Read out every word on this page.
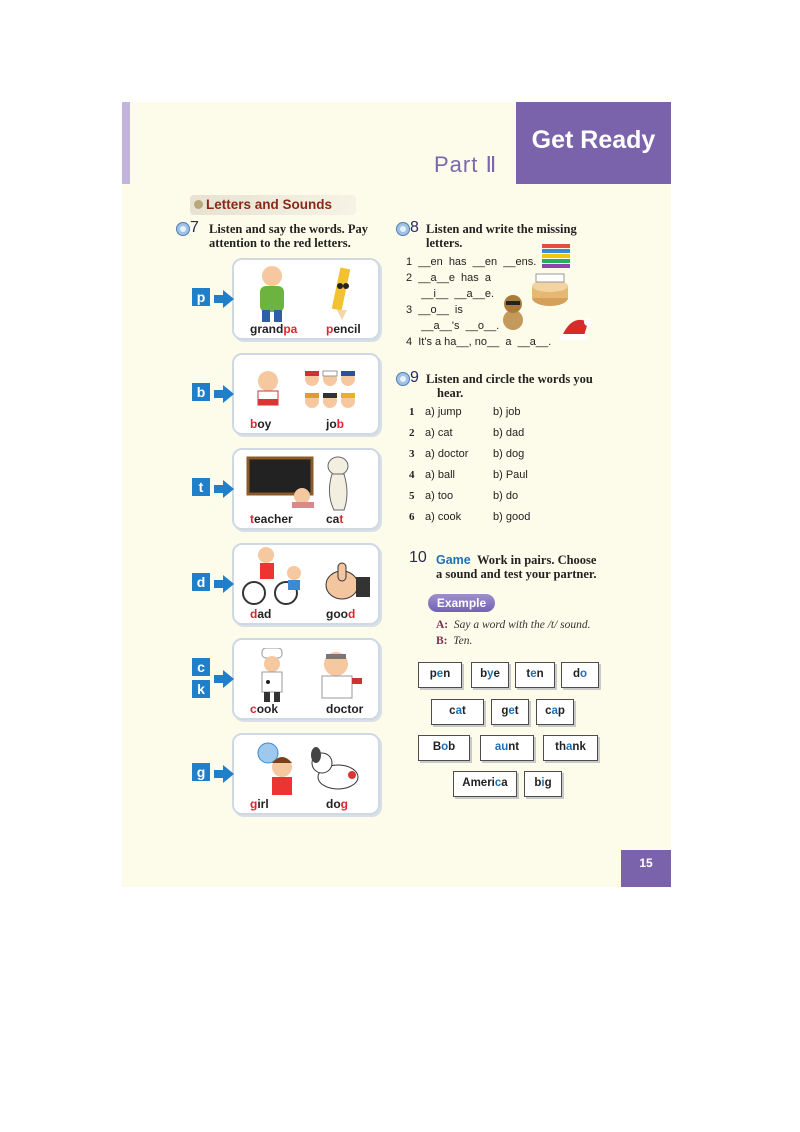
Part Ⅱ
Get Ready
Letters and Sounds
7 Listen and say the words. Pay
attention to the red letters.
grandpa pencil
p
boy	job
b
teacher	cat
t
dad	good
d
cook	doctor
c
k
girl	dog
g
8 Listen and write the missing
letters.
1  __en  has  __en  __ens.
2  __a__e  has  a
__i__  __a__e.
3  __o__  is
__a__'s  __o__.
4  It's a ha__, no__  a  __a__.
9 Listen and circle the words you
hear.
1 a) jump	b) job
2 a) cat	b) dad
3 a) doctor b) dog
4 a) ball	b) Paul
5 a) too	b) do
6 a) cook	b) good
10 Game Work in pairs. Choose
a sound and test your partner.
Example
A: Say a word with the /t/ sound.
B: Ten.
pen	bye	ten	do
cat	get	cap
Bob	aunt	thank
America	big
15
